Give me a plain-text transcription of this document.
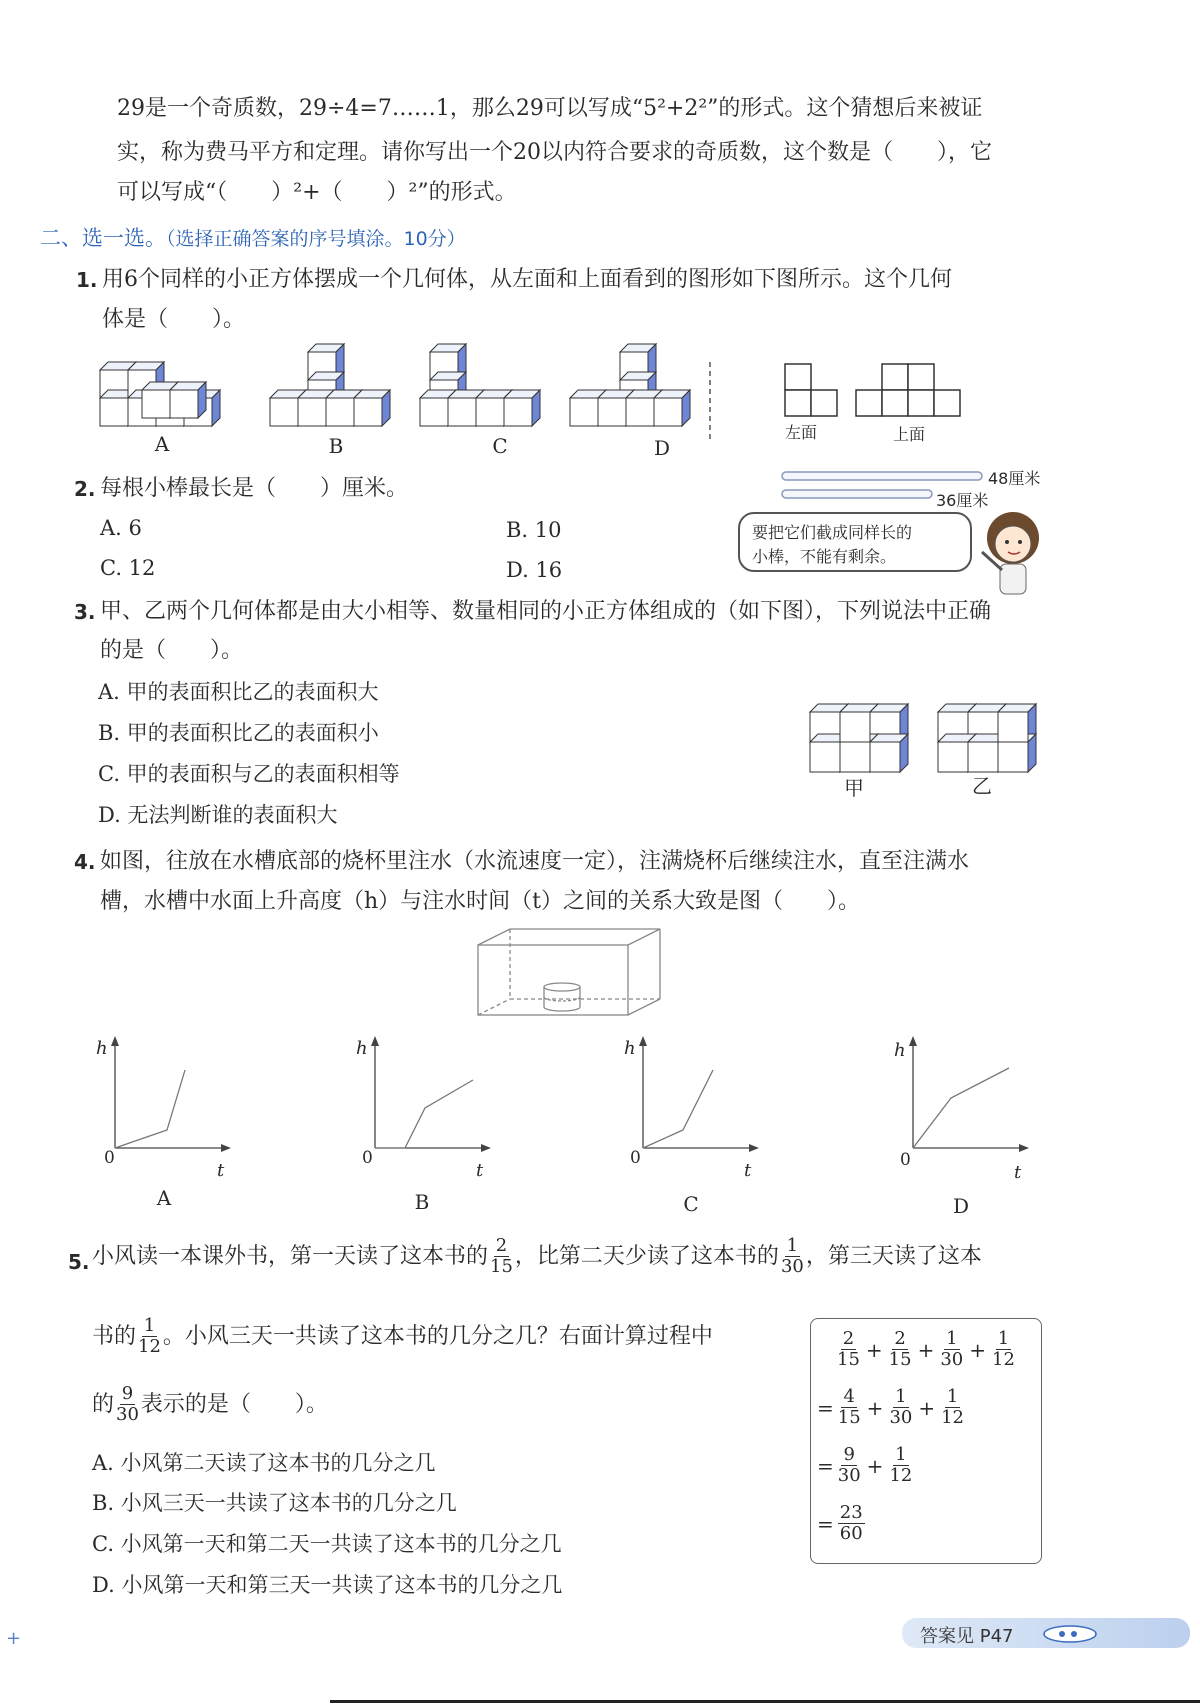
29是一个奇质数，29÷4=7……1，那么29可以写成“5²+2²”的形式。这个猜想后来被证
实，称为费马平方和定理。请你写出一个20以内符合要求的奇质数，这个数是（　　），它
可以写成“（　　）²+（　　）²”的形式。
二、选一选。（选择正确答案的序号填涂。10分）
1. 用6个同样的小正方体摆成一个几何体，从左面和上面看到的图形如下图所示。这个几何
体是（　　）。
A	B	C	D
左面	上面
2. 每根小棒最长是（　　）厘米。
A. 6	B. 10
C. 12	D. 16
48厘米
36厘米
要把它们截成同样长的
小棒，不能有剩余。
3. 甲、乙两个几何体都是由大小相等、数量相同的小正方体组成的（如下图），下列说法中正确
的是（　　）。
A. 甲的表面积比乙的表面积大
B. 甲的表面积比乙的表面积小
C. 甲的表面积与乙的表面积相等
D. 无法判断谁的表面积大
甲	乙
4. 如图，往放在水槽底部的烧杯里注水（水流速度一定），注满烧杯后继续注水，直至注满水
槽，水槽中水面上升高度（h）与注水时间（t）之间的关系大致是图（　　）。
h
0
t
h
0
t
h
0
t
h
0
t
A	B	C	D
5. 小风读一本课外书，第一天读了这本书的 $\frac{2}{15}$ ，比第二天少读了这本书的 $\frac{1}{30}$ ，第三天读了这本
书的 $\frac{1}{12}$ 。小风三天一共读了这本书的几分之几？右面计算过程中
的 $\frac{9}{30}$ 表示的是（　　）。
A. 小风第二天读了这本书的几分之几
B. 小风三天一共读了这本书的几分之几
C. 小风第一天和第二天一共读了这本书的几分之几
D. 小风第一天和第三天一共读了这本书的几分之几
$\frac{2}{15} + \frac{2}{15} + \frac{1}{30} + \frac{1}{12}$
= $\frac{4}{15} + \frac{1}{30} + \frac{1}{12}$
= $\frac{9}{30} + \frac{1}{12}$
= $\frac{23}{60}$
答案见 P47
+
